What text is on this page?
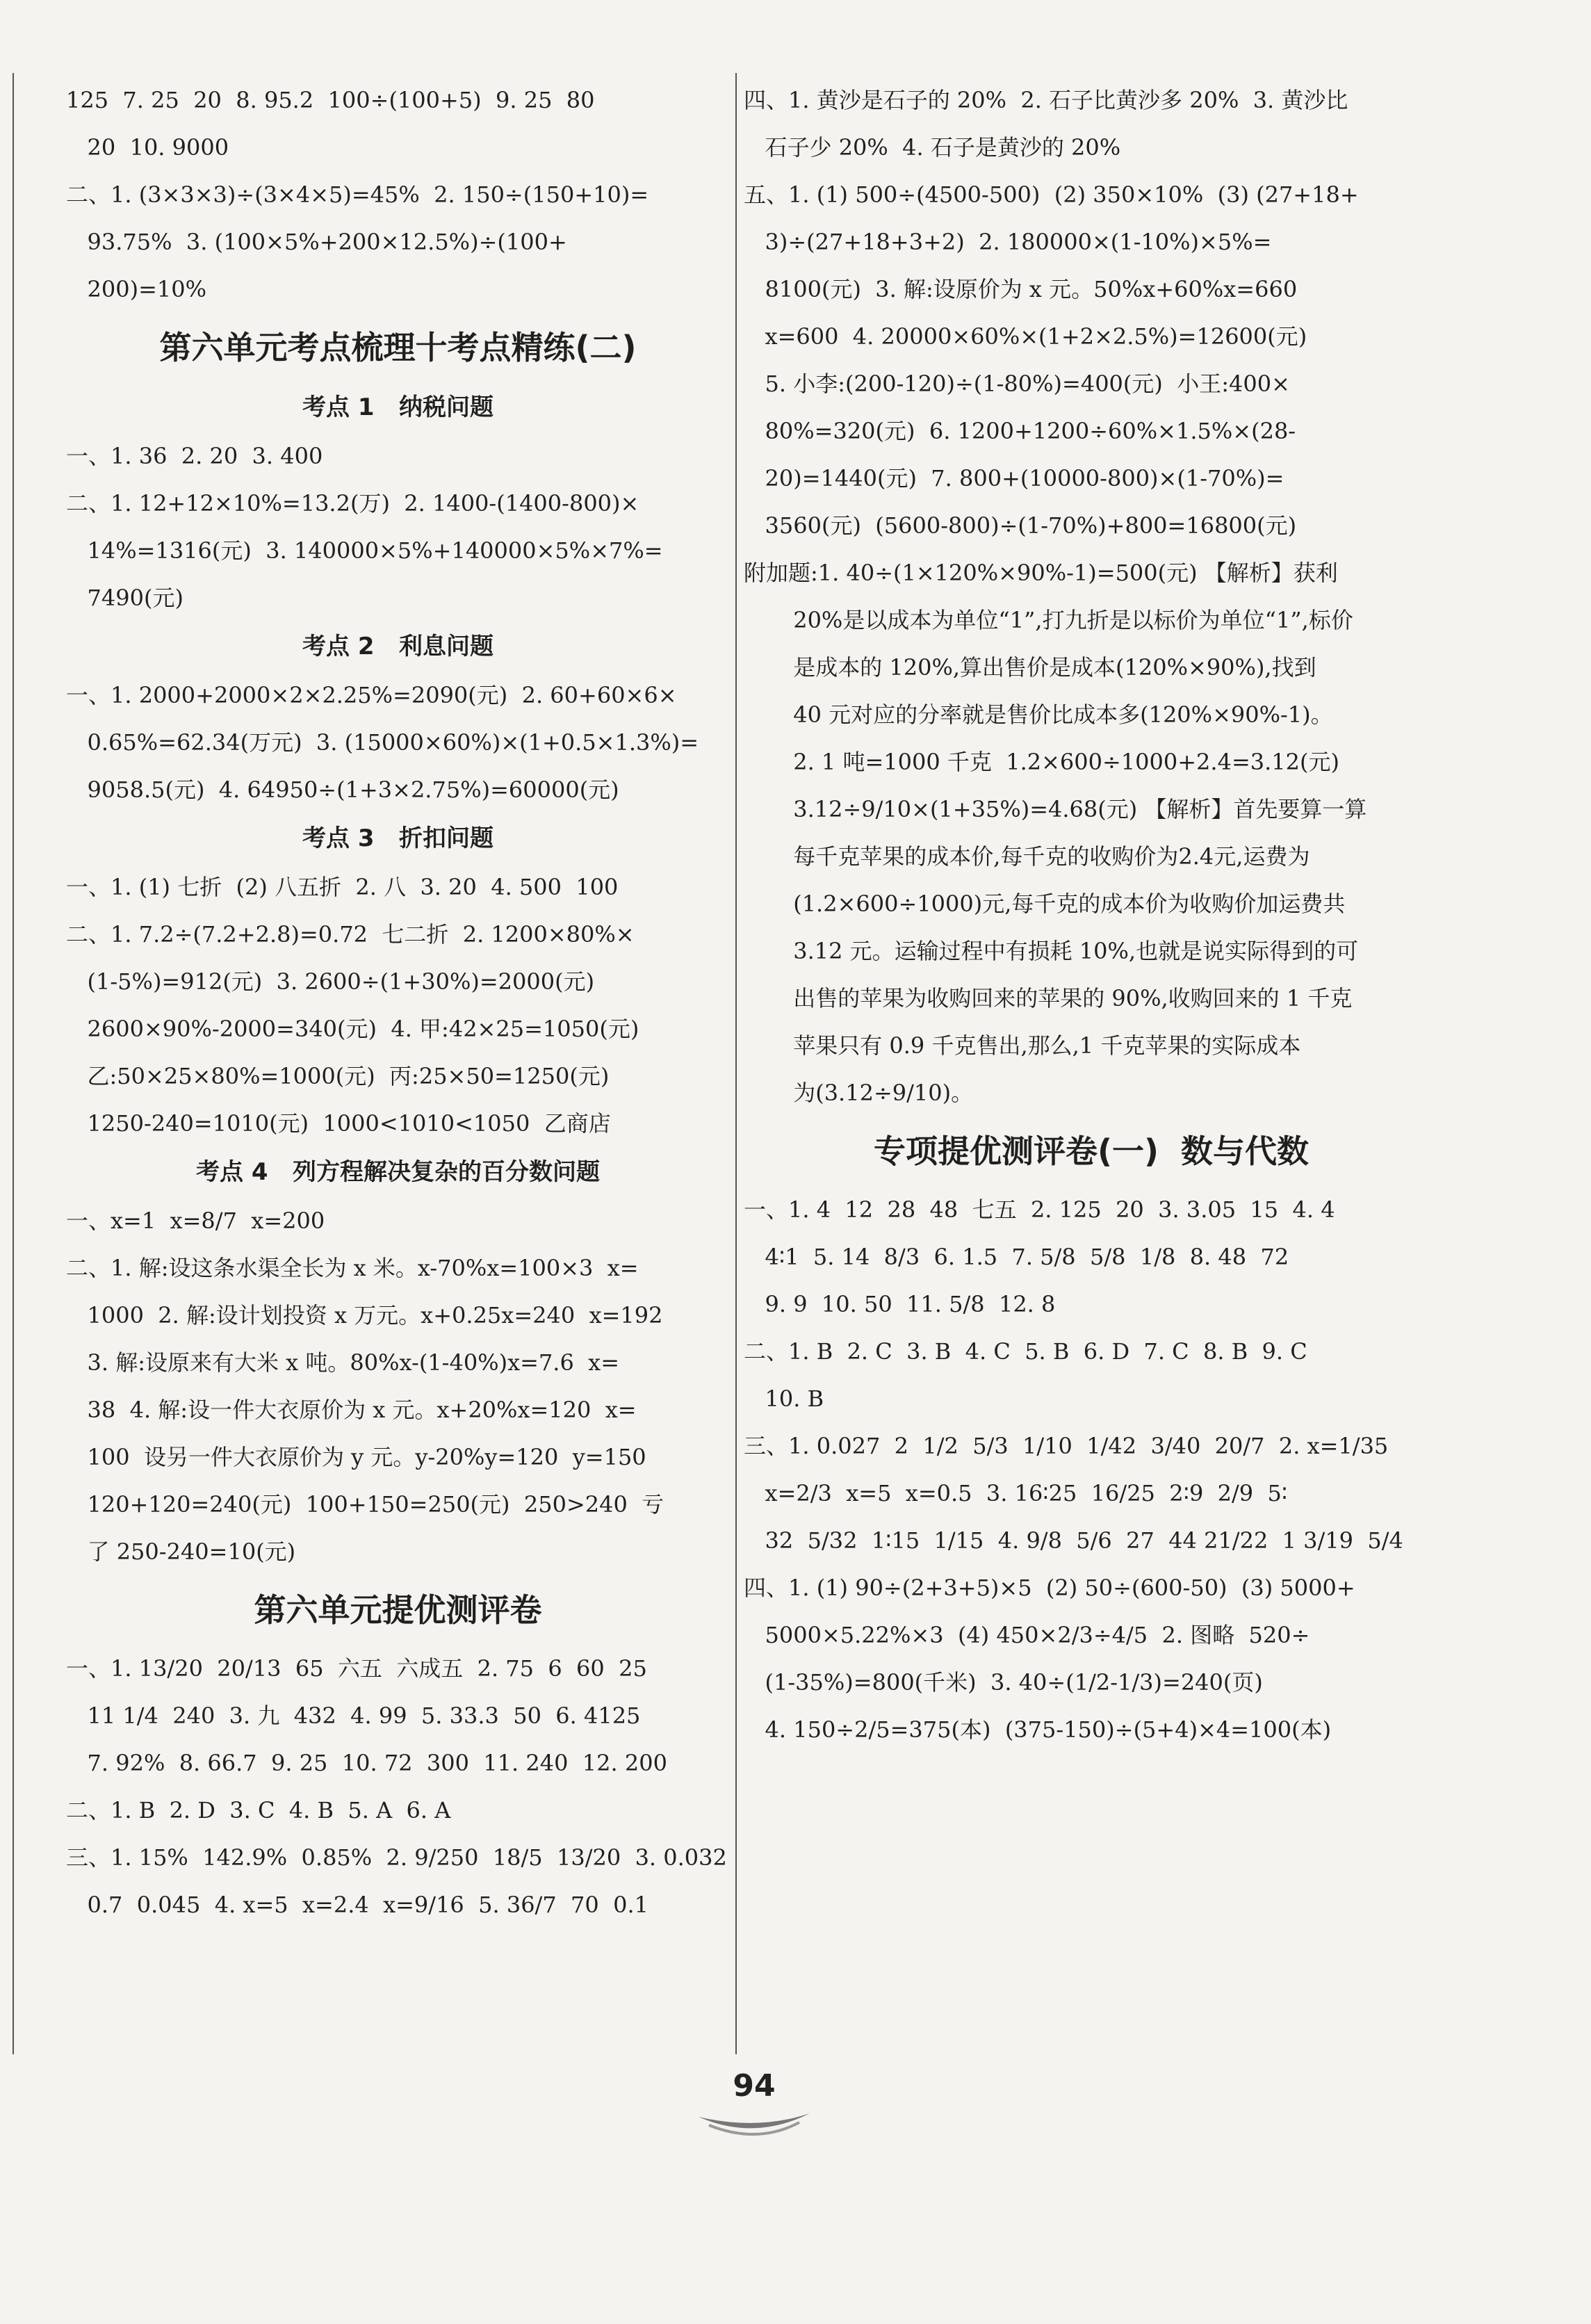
125  7. 25  20  8. 95.2  100÷(100+5)  9. 25  80
20  10. 9000
二、1. (3×3×3)÷(3×4×5)=45%  2. 150÷(150+10)=
93.75%  3. (100×5%+200×12.5%)÷(100+
200)=10%
第六单元考点梳理十考点精练(二)
考点 1   纳税问题
一、1. 36  2. 20  3. 400
二、1. 12+12×10%=13.2(万)  2. 1400-(1400-800)×
14%=1316(元)  3. 140000×5%+140000×5%×7%=
7490(元)
考点 2   利息问题
一、1. 2000+2000×2×2.25%=2090(元)  2. 60+60×6×
0.65%=62.34(万元)  3. (15000×60%)×(1+0.5×1.3%)=
9058.5(元)  4. 64950÷(1+3×2.75%)=60000(元)
考点 3   折扣问题
一、1. (1) 七折  (2) 八五折  2. 八  3. 20  4. 500  100
二、1. 7.2÷(7.2+2.8)=0.72  七二折  2. 1200×80%×
(1-5%)=912(元)  3. 2600÷(1+30%)=2000(元)
2600×90%-2000=340(元)  4. 甲:42×25=1050(元)
乙:50×25×80%=1000(元)  丙:25×50=1250(元)
1250-240=1010(元)  1000<1010<1050  乙商店
考点 4   列方程解决复杂的百分数问题
一、x=1  x=8/7  x=200
二、1. 解:设这条水渠全长为 x 米。x-70%x=100×3  x=
1000  2. 解:设计划投资 x 万元。x+0.25x=240  x=192
3. 解:设原来有大米 x 吨。80%x-(1-40%)x=7.6  x=
38  4. 解:设一件大衣原价为 x 元。x+20%x=120  x=
100  设另一件大衣原价为 y 元。y-20%y=120  y=150
120+120=240(元)  100+150=250(元)  250>240  亏
了 250-240=10(元)
第六单元提优测评卷
一、1. 13/20  20/13  65  六五  六成五  2. 75  6  60  25
11 1/4  240  3. 九  432  4. 99  5. 33.3  50  6. 4125
7. 92%  8. 66.7  9. 25  10. 72  300  11. 240  12. 200
二、1. B  2. D  3. C  4. B  5. A  6. A
三、1. 15%  142.9%  0.85%  2. 9/250  18/5  13/20  3. 0.032
0.7  0.045  4. x=5  x=2.4  x=9/16  5. 36/7  70  0.1
四、1. 黄沙是石子的 20%  2. 石子比黄沙多 20%  3. 黄沙比
石子少 20%  4. 石子是黄沙的 20%
五、1. (1) 500÷(4500-500)  (2) 350×10%  (3) (27+18+
3)÷(27+18+3+2)  2. 180000×(1-10%)×5%=
8100(元)  3. 解:设原价为 x 元。50%x+60%x=660
x=600  4. 20000×60%×(1+2×2.5%)=12600(元)
5. 小李:(200-120)÷(1-80%)=400(元)  小王:400×
80%=320(元)  6. 1200+1200÷60%×1.5%×(28-
20)=1440(元)  7. 800+(10000-800)×(1-70%)=
3560(元)  (5600-800)÷(1-70%)+800=16800(元)
附加题:1. 40÷(1×120%×90%-1)=500(元) 【解析】获利
20%是以成本为单位“1”,打九折是以标价为单位“1”,标价
是成本的 120%,算出售价是成本(120%×90%),找到
40 元对应的分率就是售价比成本多(120%×90%-1)。
2. 1 吨=1000 千克  1.2×600÷1000+2.4=3.12(元)
3.12÷9/10×(1+35%)=4.68(元) 【解析】首先要算一算
每千克苹果的成本价,每千克的收购价为2.4元,运费为
(1.2×600÷1000)元,每千克的成本价为收购价加运费共
3.12 元。运输过程中有损耗 10%,也就是说实际得到的可
出售的苹果为收购回来的苹果的 90%,收购回来的 1 千克
苹果只有 0.9 千克售出,那么,1 千克苹果的实际成本
为(3.12÷9/10)。
专项提优测评卷(一)  数与代数
一、1. 4  12  28  48  七五  2. 125  20  3. 3.05  15  4. 4
4∶1  5. 14  8/3  6. 1.5  7. 5/8  5/8  1/8  8. 48  72
9. 9  10. 50  11. 5/8  12. 8
二、1. B  2. C  3. B  4. C  5. B  6. D  7. C  8. B  9. C
10. B
三、1. 0.027  2  1/2  5/3  1/10  1/42  3/40  20/7  2. x=1/35
x=2/3  x=5  x=0.5  3. 16∶25  16/25  2∶9  2/9  5∶
32  5/32  1∶15  1/15  4. 9/8  5/6  27  44 21/22  1 3/19  5/4
四、1. (1) 90÷(2+3+5)×5  (2) 50÷(600-50)  (3) 5000+
5000×5.22%×3  (4) 450×2/3÷4/5  2. 图略  520÷
(1-35%)=800(千米)  3. 40÷(1/2-1/3)=240(页)
4. 150÷2/5=375(本)  (375-150)÷(5+4)×4=100(本)
94
